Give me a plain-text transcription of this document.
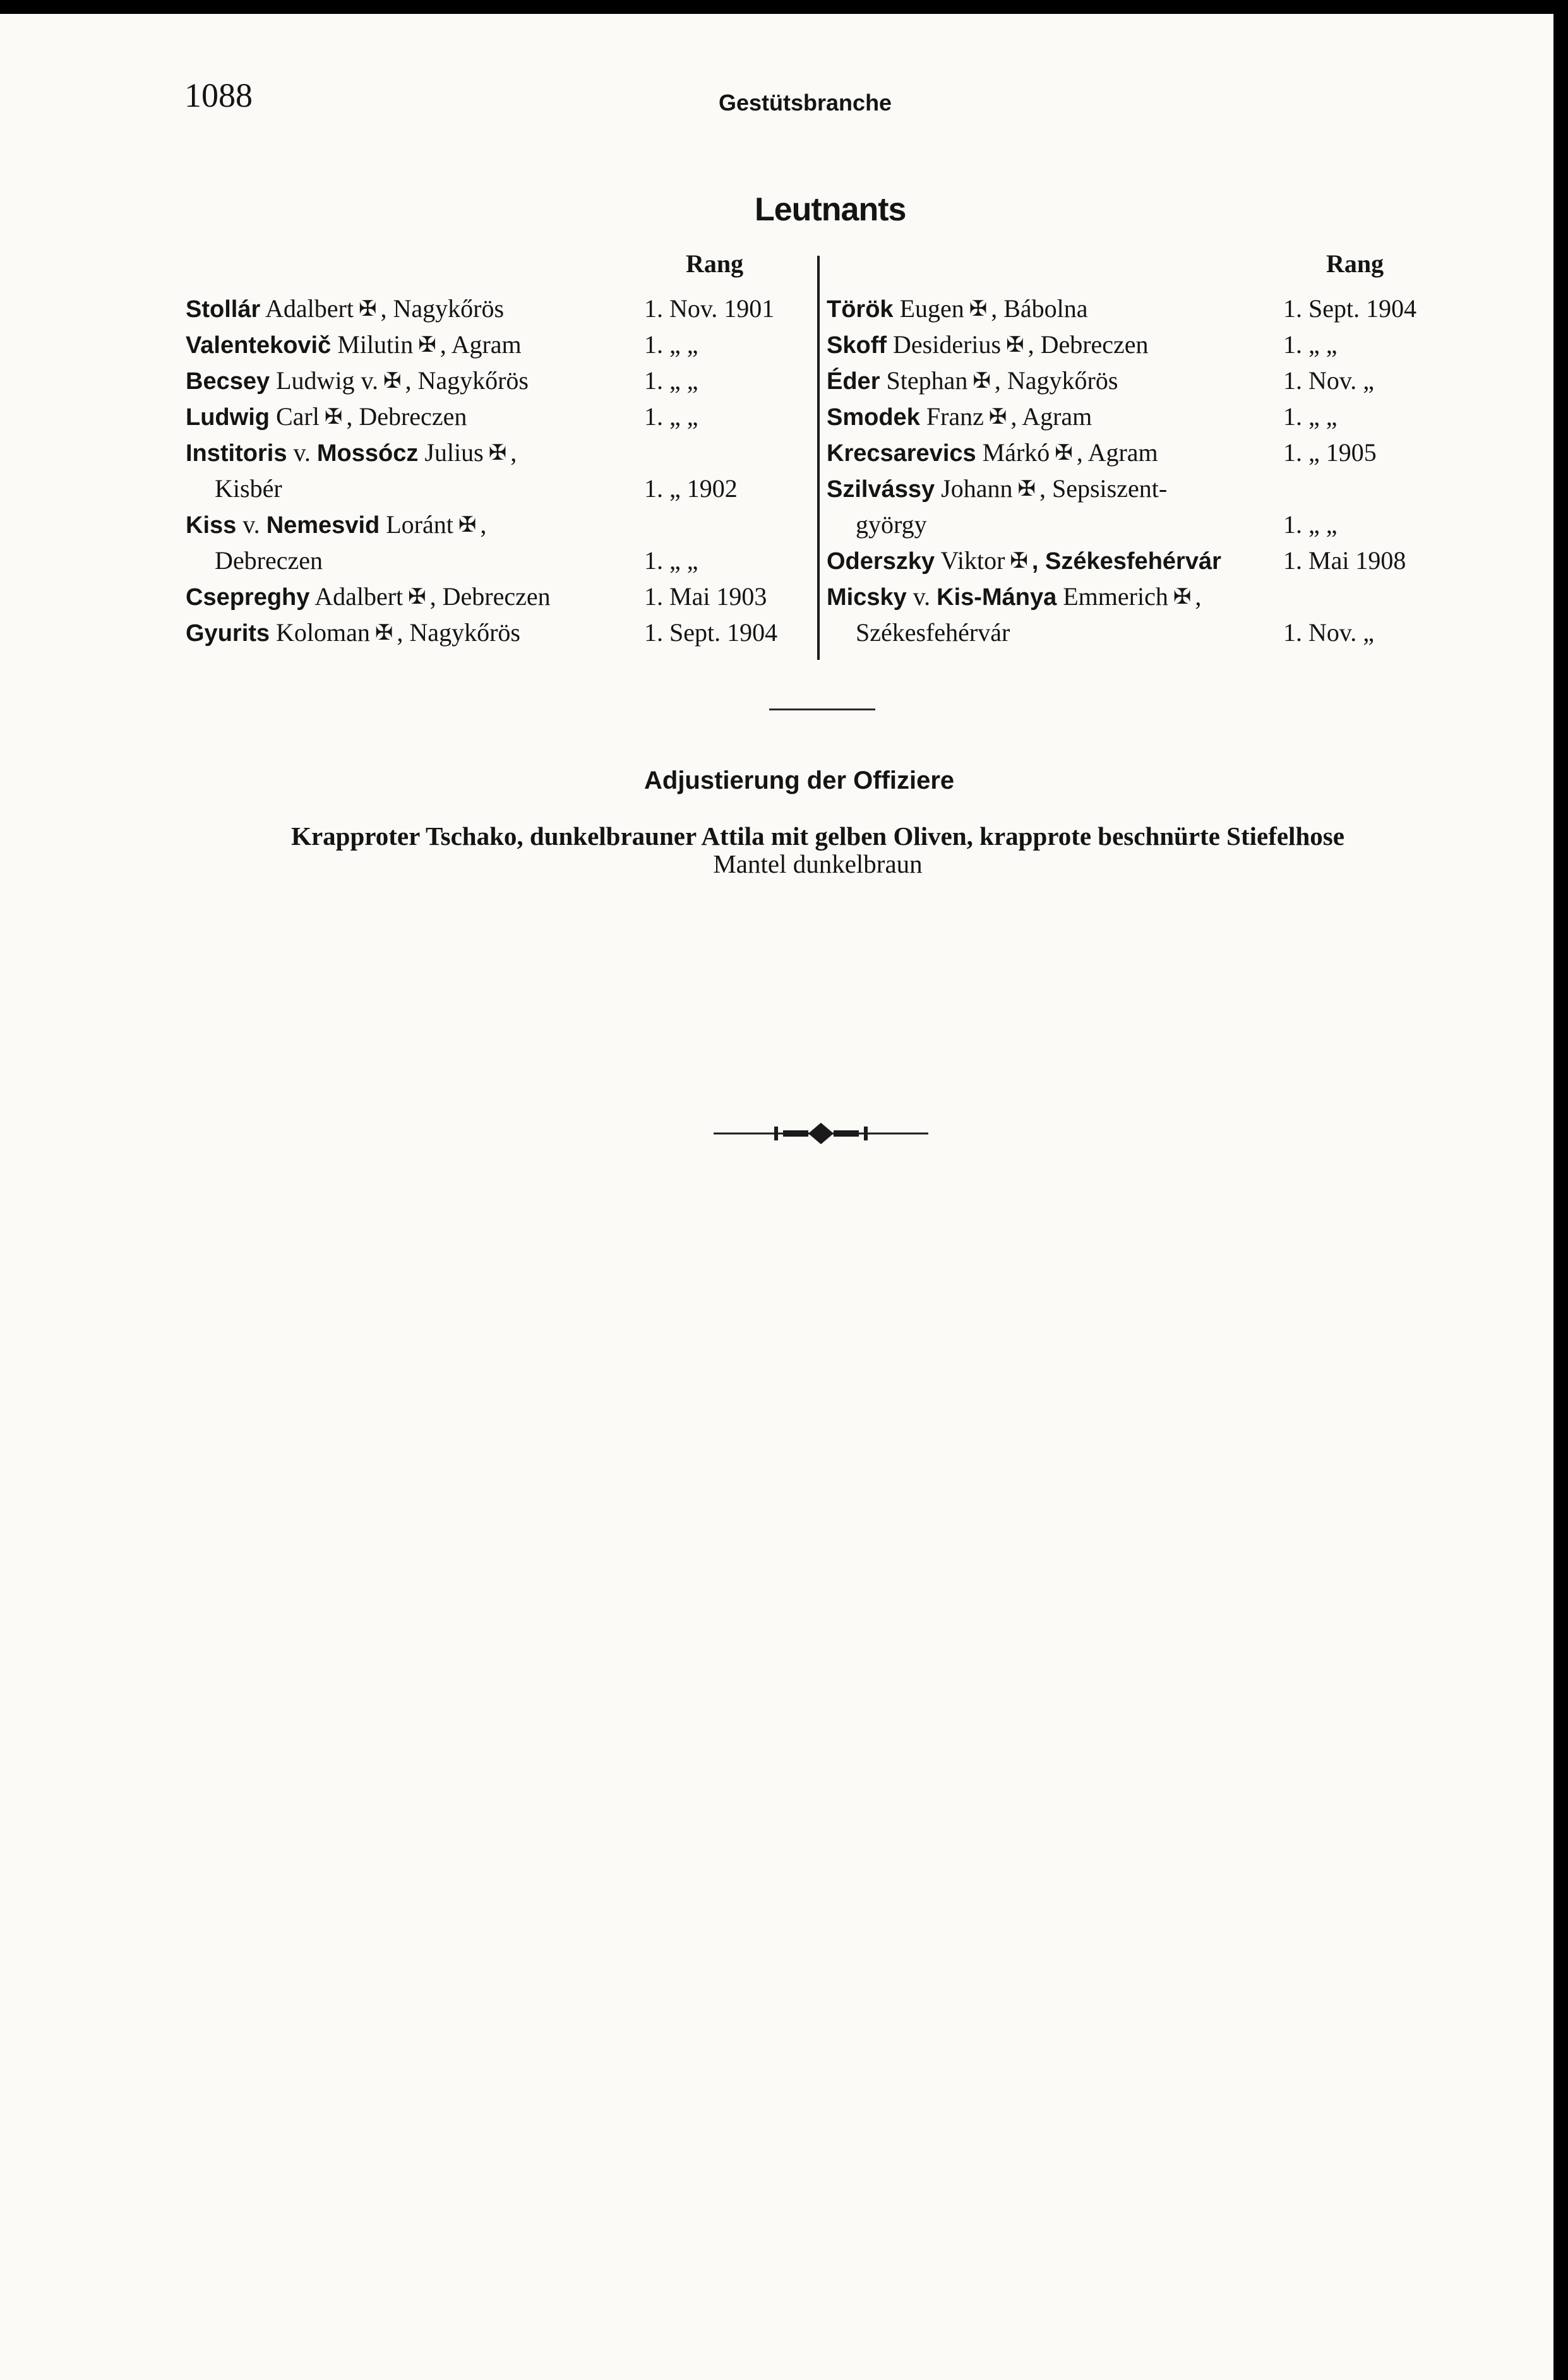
1088	Gestütsbranche
Leutnants
Rang	Rang
Stollár Adalbert ✠ , Nagykőrös	1. Nov. 1901
Valentekovič Milutin ✠ , Agram	1. „ „
Becsey Ludwig v. ✠ , Nagykőrös	1. „ „
Ludwig Carl ✠ , Debreczen	1. „ „
Institoris v. Mossócz Julius ✠ ,
Kisbér	1. „ 1902
Kiss v. Nemesvid Loránt ✠ ,
Debreczen	1. „ „
Csepreghy Adalbert ✠ , Debreczen	1. Mai 1903
Gyurits Koloman ✠ , Nagykőrös	1. Sept. 1904
Török Eugen ✠ , Bábolna	1. Sept. 1904
Skoff Desiderius ✠ , Debreczen	1. „ „
Éder Stephan ✠ , Nagykőrös	1. Nov. „
Smodek Franz ✠ , Agram	1. „ „
Krecsarevics Márkó ✠ , Agram	1. „ 1905
Szilvássy Johann ✠ , Sepsiszent-
györgy	1. „ „
Oderszky Viktor ✠ , Székesfehérvár 1. Mai 1908
Micsky v. Kis-Mánya Emmerich ✠ ,
Székesfehérvár	1. Nov. „
Adjustierung der Offiziere
Krapproter Tschako, dunkelbrauner Attila mit gelben Oliven, krapprote beschnürte Stiefelhose
Mantel dunkelbraun
